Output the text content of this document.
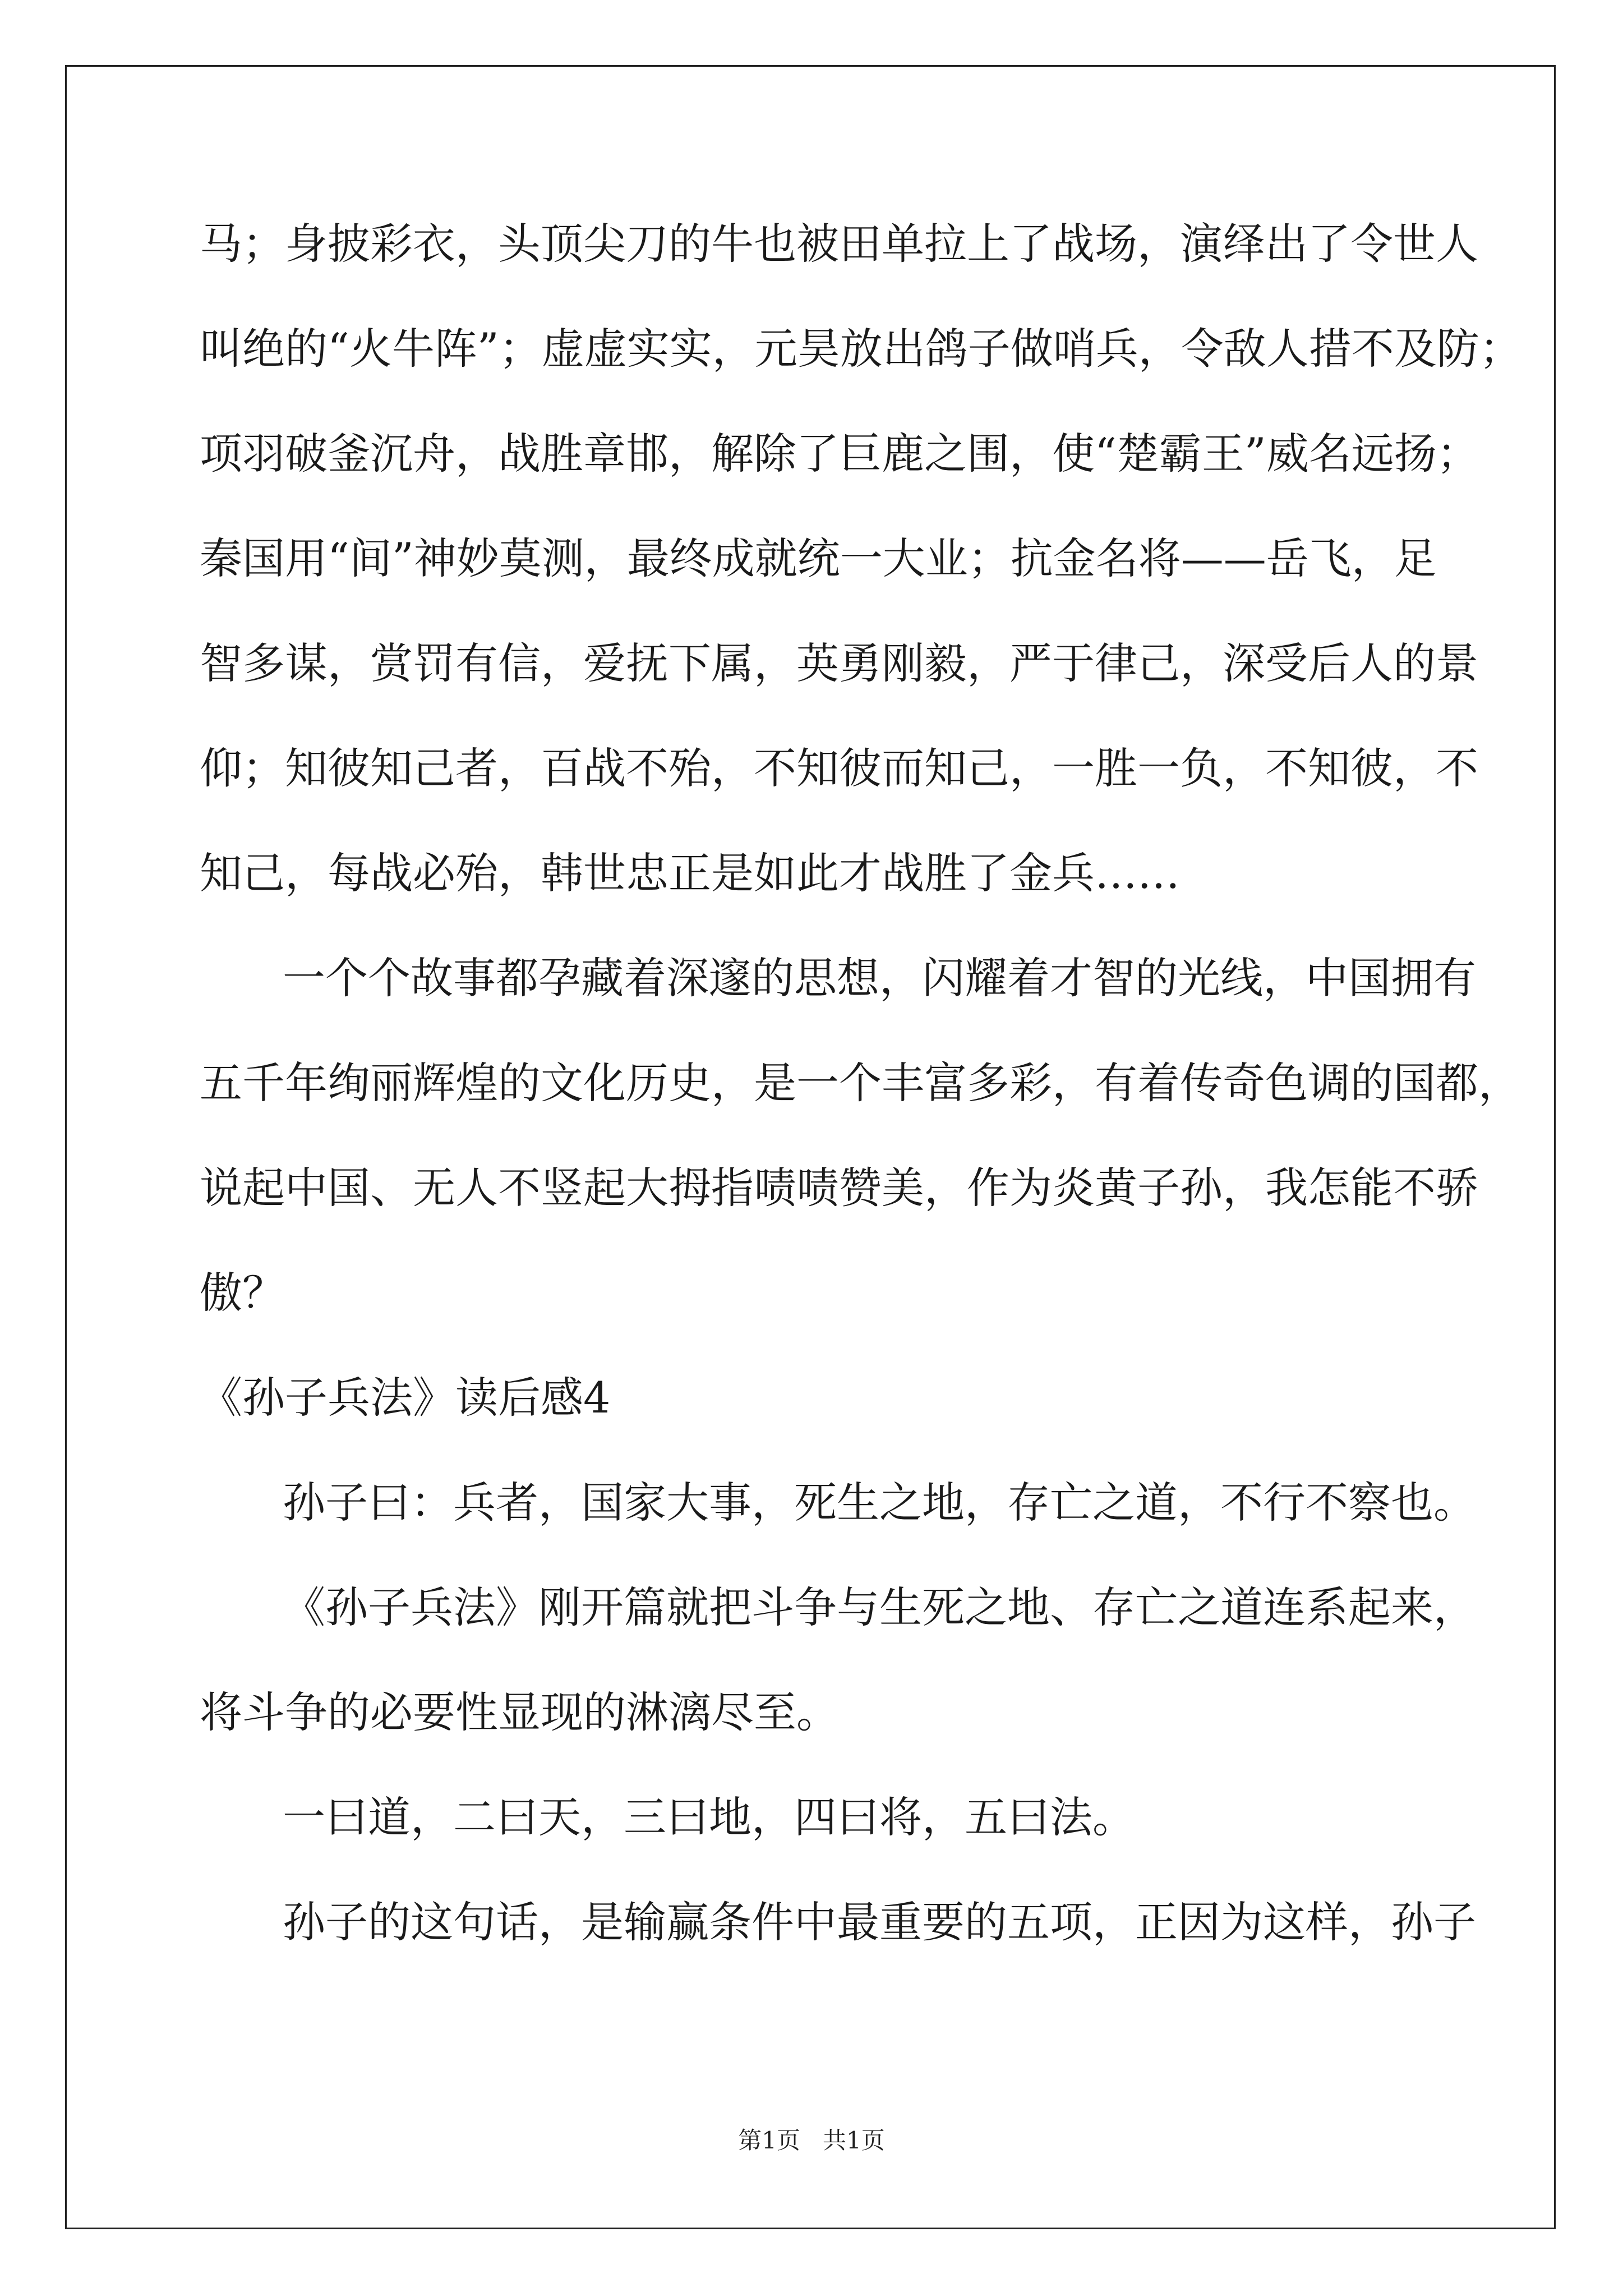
马；身披彩衣，头顶尖刀的牛也被田单拉上了战场，演绎出了令世人
叫绝的“火牛阵”；虚虚实实，元昊放出鸽子做哨兵，令敌人措不及防；
项羽破釜沉舟，战胜章邯，解除了巨鹿之围，使“楚霸王”威名远扬；
秦国用“间”神妙莫测，最终成就统一大业；抗金名将——岳飞，足
智多谋，赏罚有信，爱抚下属，英勇刚毅，严于律己，深受后人的景
仰；知彼知己者，百战不殆，不知彼而知己，一胜一负，不知彼，不
知己，每战必殆，韩世忠正是如此才战胜了金兵……
一个个故事都孕藏着深邃的思想，闪耀着才智的光线，中国拥有
五千年绚丽辉煌的文化历史，是一个丰富多彩，有着传奇色调的国都，
说起中国、无人不竖起大拇指啧啧赞美，作为炎黄子孙，我怎能不骄
傲？
《孙子兵法》读后感4
孙子曰：兵者，国家大事，死生之地，存亡之道，不行不察也。
《孙子兵法》刚开篇就把斗争与生死之地、存亡之道连系起来，
将斗争的必要性显现的淋漓尽至。
一曰道，二曰天，三曰地，四曰将，五曰法。
孙子的这句话，是输赢条件中最重要的五项，正因为这样，孙子
第1页   共1页
